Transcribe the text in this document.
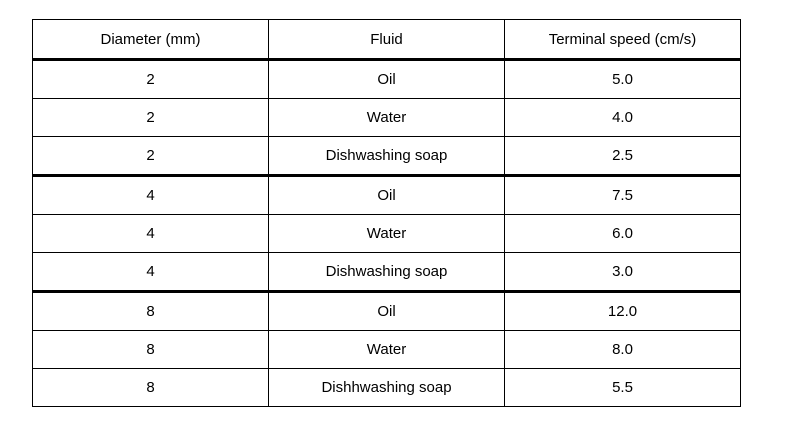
Diameter (mm)	Fluid	Terminal speed (cm/s)
2	Oil	5.0
2	Water	4.0
2	Dishwashing soap	2.5
4	Oil	7.5
4	Water	6.0
4	Dishwashing soap	3.0
8	Oil	12.0
8	Water	8.0
8	Dishhwashing soap	5.5
